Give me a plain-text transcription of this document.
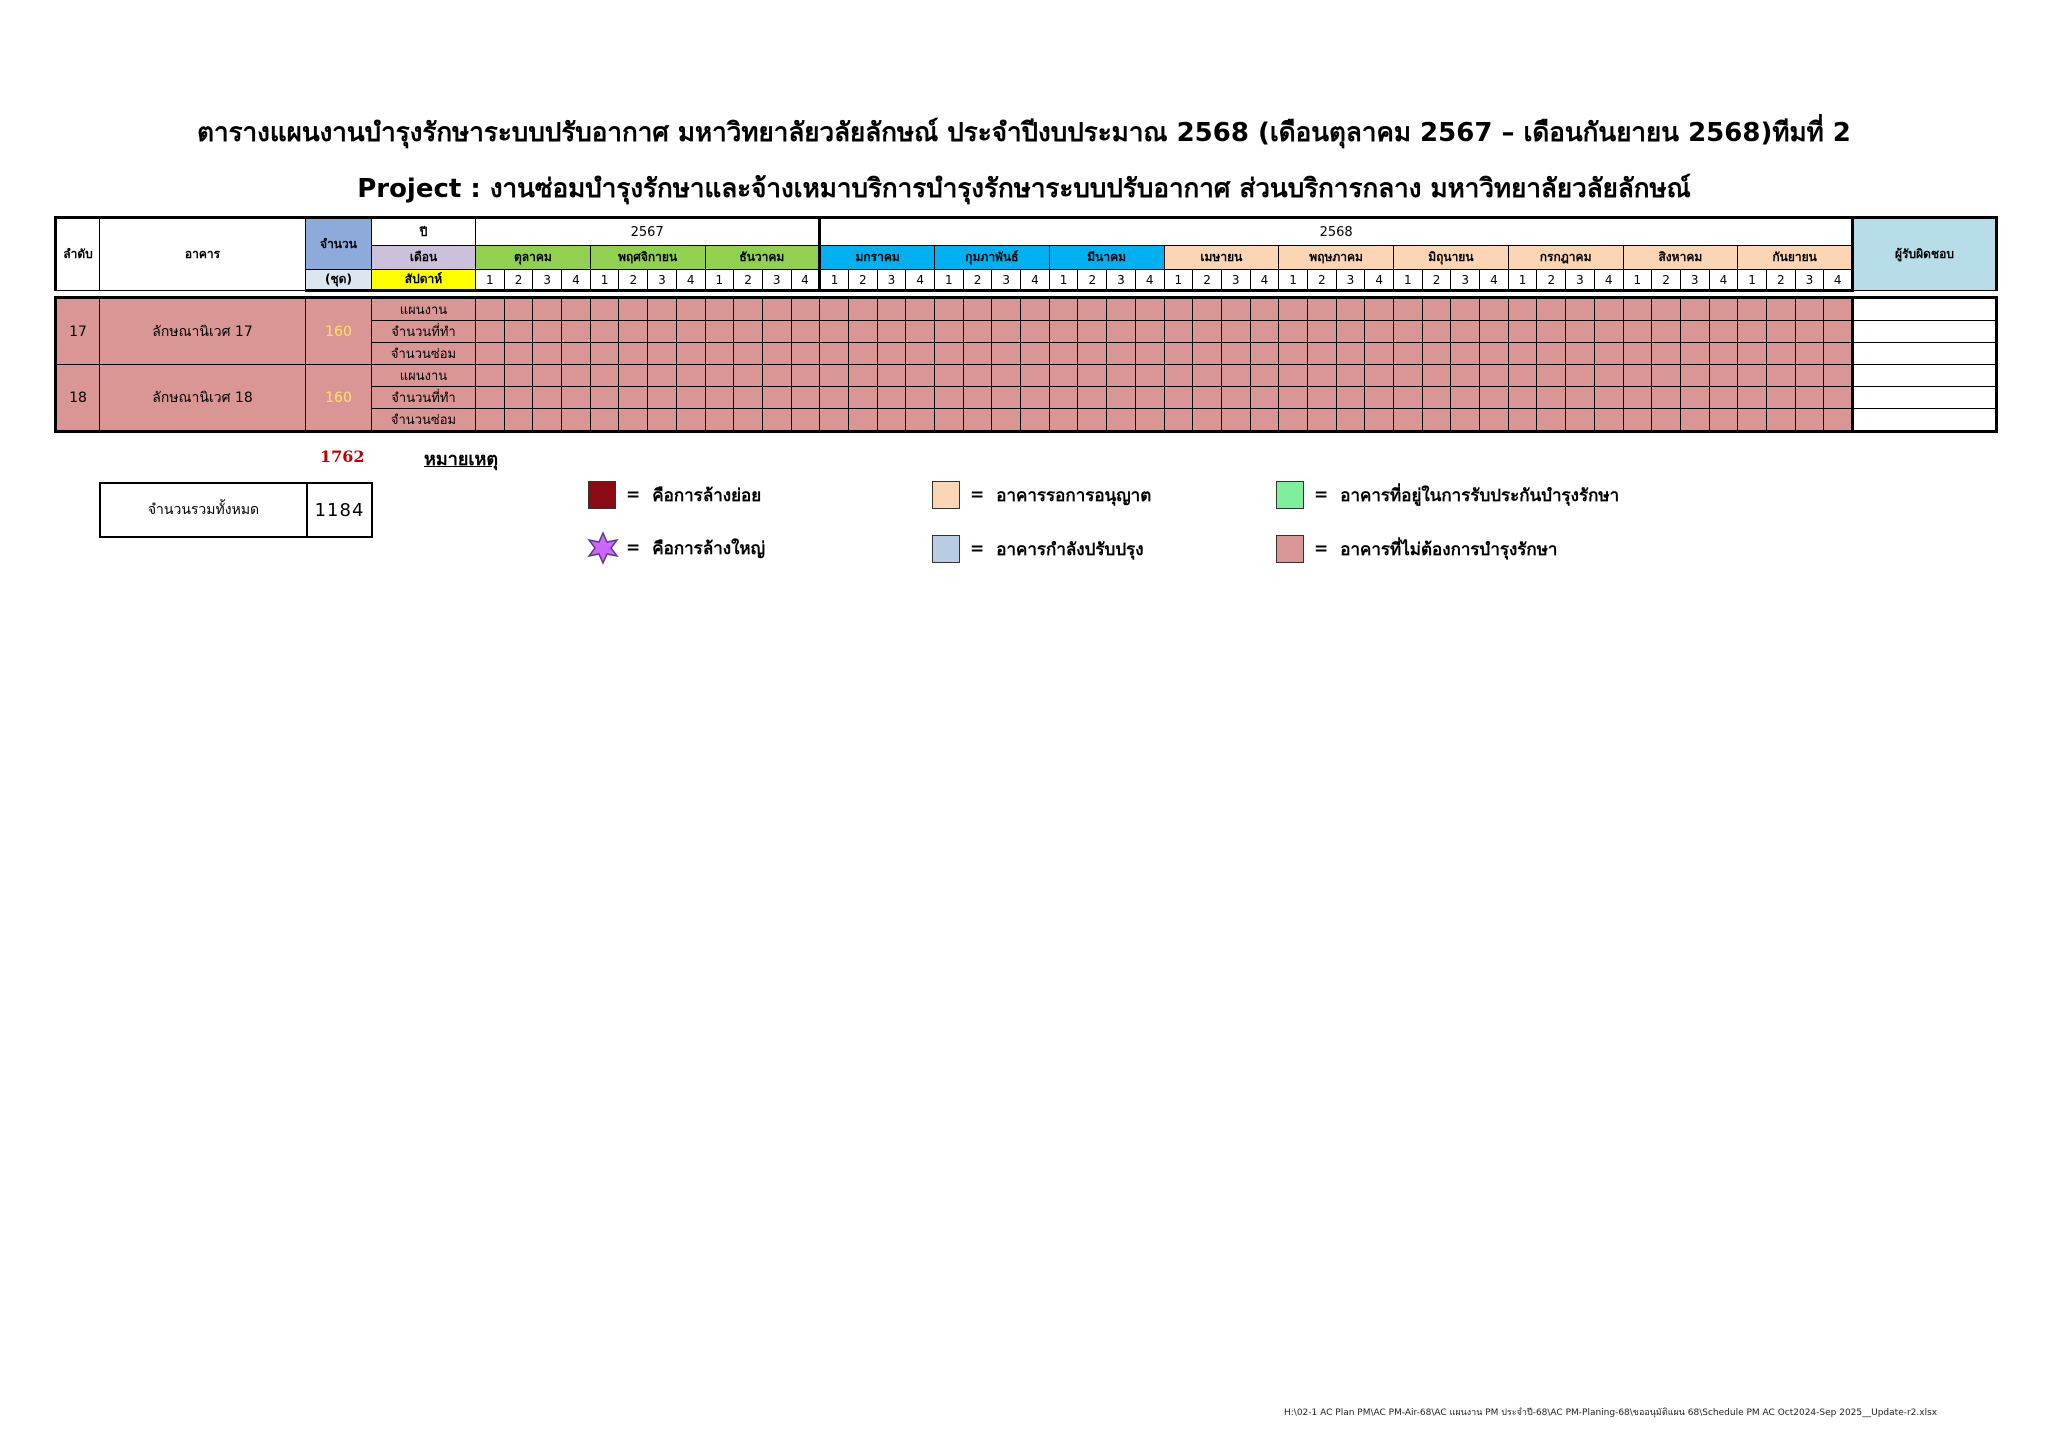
ตารางแผนงานบำรุงรักษาระบบปรับอากาศ มหาวิทยาลัยวลัยลักษณ์ ประจำปีงบประมาณ 2568 (เดือนตุลาคม 2567 – เดือนกันยายน 2568)ทีมที่ 2
Project : งานซ่อมบำรุงรักษาและจ้างเหมาบริการบำรุงรักษาระบบปรับอากาศ ส่วนบริการกลาง มหาวิทยาลัยวลัยลักษณ์
ลำดับ	อาคาร	จำนวน	ปี	2567												2568																																				ผู้รับผิดชอบ
			เดือน	ตุลาคม				พฤศจิกายน				ธันวาคม				มกราคม				กุมภาพันธ์				มีนาคม				เมษายน				พฤษภาคม				มิถุนายน				กรกฎาคม				สิงหาคม				กันยายน				
		(ชุด)	สัปดาห์	1	2	3	4	1	2	3	4	1	2	3	4	1	2	3	4	1	2	3	4	1	2	3	4	1	2	3	4	1	2	3	4	1	2	3	4	1	2	3	4	1	2	3	4	1	2	3	4	

17	ลักษณานิเวศ 17	160	แผนงาน																																																	
			จำนวนที่ทำ																																																	
			จำนวนซ่อม																																																	
18	ลักษณานิเวศ 18	160	แผนงาน																																																	
			จำนวนที่ทำ																																																	
			จำนวนซ่อม																																																	
1762	หมายเหตุ
จำนวนรวมทั้งหมด	1184
= คือการ ล้างย่อย
= คือการ ล้างใหญ่
= อาคารรอการอนุญาต
= อาคารกำลังปรับปรุง
= อาคารที่อยู่ในการรับประกันบำรุงรักษา
= อาคารที่ไม่ต้องการบำรุงรักษา
H:\02-1 AC Plan PM\AC PM-Air-68\AC แผนงาน PM ประจำปี-68\AC PM-Planing-68\ขออนุมัติแผน 68\Schedule PM AC Oct2024-Sep 2025__Update-r2.xlsx
